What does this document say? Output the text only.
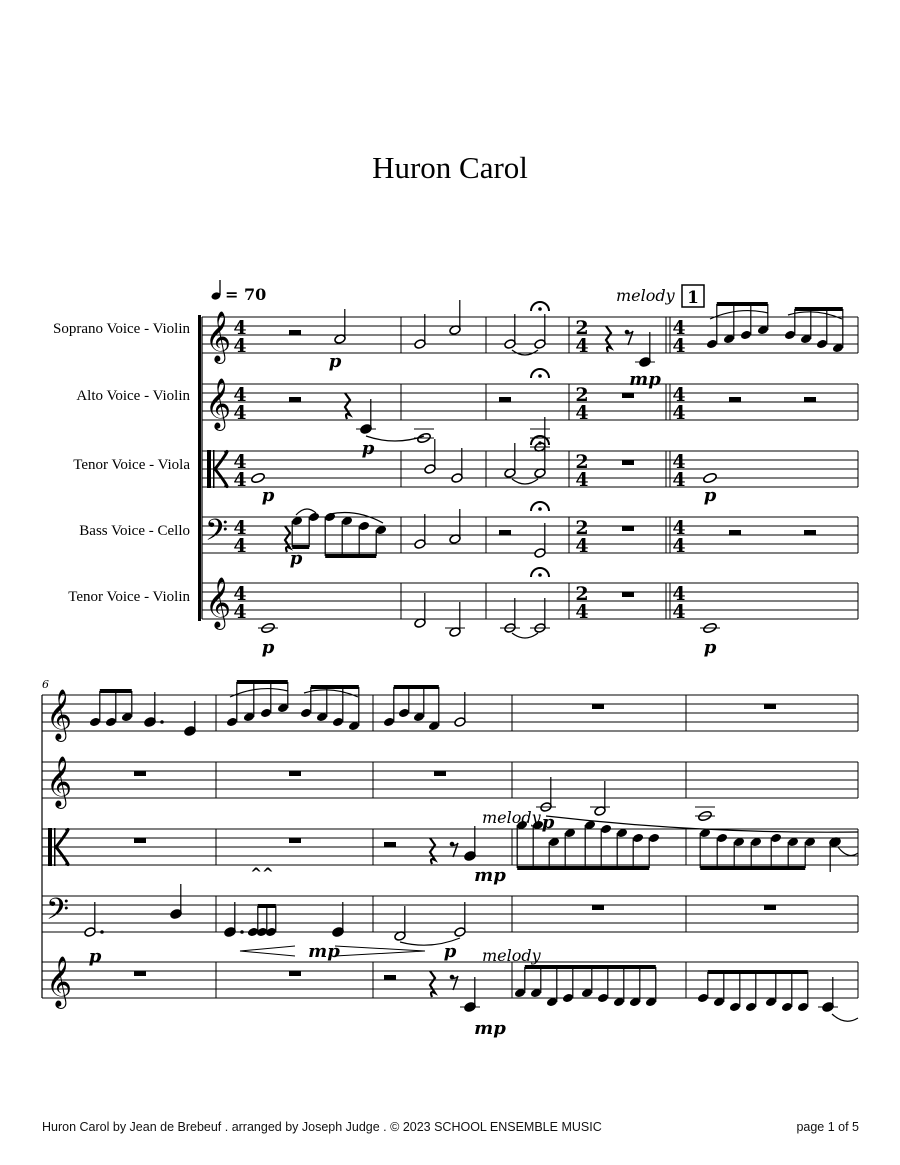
Huron Carol
Soprano Voice - Violin
Alto Voice - Violin
Tenor Voice - Viola
Bass Voice - Cello
Tenor Voice - Violin
= 70	melody 1
6
𝄞
𝄞
𝄢
𝄞
𝄞
𝄞
𝄢
𝄞
4
4
2
4
4
4
4
4
2
4
4
4
4
4
2
4
4
4
4
4
2
4
4
4
4
4
2
4
4
4
p
mp
p
p	p
p
p	p
p
mp
melody
p
^^
mp	p
mp
melody
Huron Carol by Jean de Brebeuf . arranged by Joseph Judge . © 2023 SCHOOL ENSEMBLE MUSIC	page 1 of 5
